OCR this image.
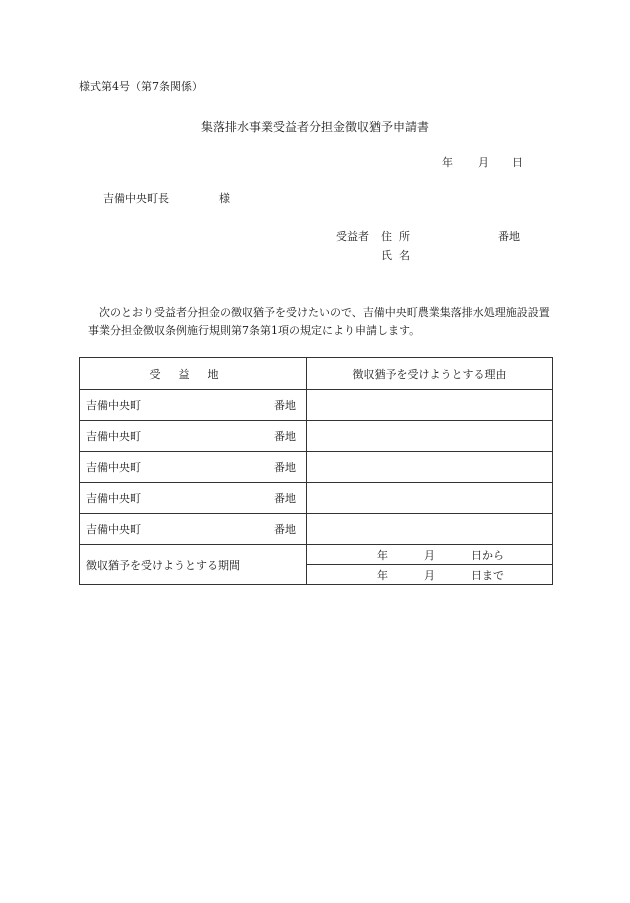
様式第4号（第7条関係）
集落排水事業受益者分担金徴収猶予申請書
年 月 日
吉備中央町長	様
受益者 住所	番地
氏名
次のとおり受益者分担金の徴収猶予を受けたいので、吉備中央町農業集落排水処理施設設置事業分担金徴収条例施行規則第7条第1項の規定により申請します。
受益地	徴収猶予を受けようとする理由

吉備中央町 番地	

吉備中央町 番地	

吉備中央町 番地	

吉備中央町 番地	

吉備中央町 番地	

徴収猶予を受けようとする期間	年 月 日から

	年 月 日まで
